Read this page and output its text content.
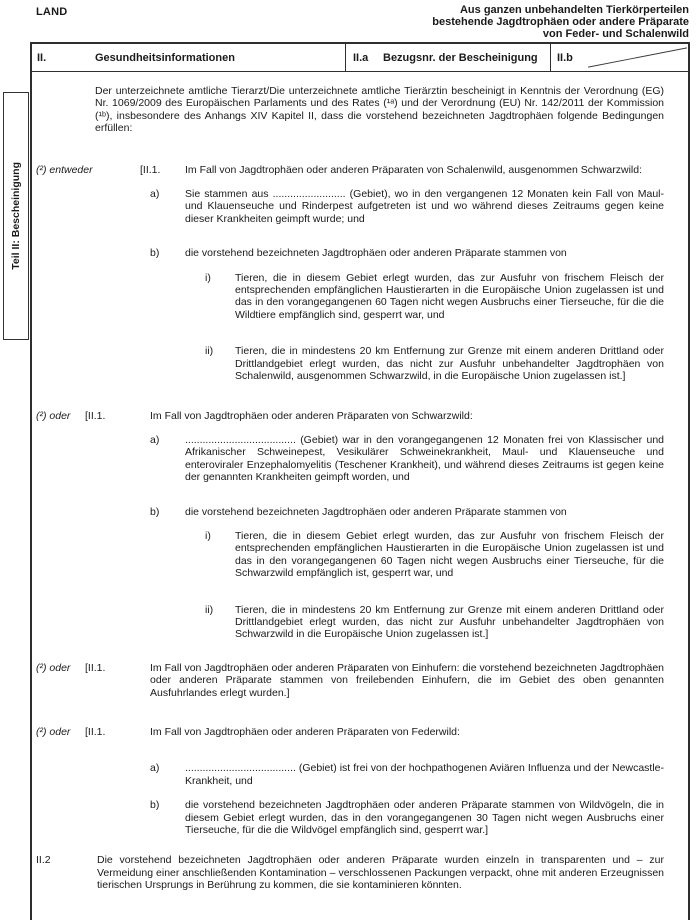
LAND	Aus ganzen unbehandelten Tierkörperteilen
bestehende Jagdtrophäen oder andere Präparate
von Feder- und Schalenwild
Teil II: Bescheinigung
II.	Gesundheitsinformationen	II.a	Bezugsnr. der Bescheinigung II.b

Der unterzeichnete amtliche Tierarzt/Die unterzeichnete amtliche Tierärztin bescheinigt in Kenntnis der Verordnung (EG) Nr. 1069/2009 des Europäischen Parlaments und des Rates (¹ᵃ) und der Verordnung (EU) Nr. 142/2011 der Kommission (¹ᵇ), insbesondere des Anhangs XIV Kapitel II, dass die vorstehend bezeichneten Jagdtrophäen folgende Bedingungen erfüllen:

(²) entweder	[II.1.	Im Fall von Jagdtrophäen oder anderen Präparaten von Schalenwild, ausgenommen Schwarzwild:
a)	Sie stammen aus ......................... (Gebiet), wo in den vergangenen 12 Monaten kein Fall von Maul- und Klauenseuche und Rinderpest aufgetreten ist und wo während dieses Zeitraums gegen keine dieser Krankheiten geimpft wurde; und
b)	die vorstehend bezeichneten Jagdtrophäen oder anderen Präparate stammen von
i)	Tieren, die in diesem Gebiet erlegt wurden, das zur Ausfuhr von frischem Fleisch der entsprechenden empfänglichen Haustierarten in die Europäische Union zugelassen ist und das in den vorangegangenen 60 Tagen nicht wegen Ausbruchs einer Tierseuche, für die die Wildtiere empfänglich sind, gesperrt war, und
ii)	Tieren, die in mindestens 20 km Entfernung zur Grenze mit einem anderen Drittland oder Drittlandgebiet erlegt wurden, das nicht zur Ausfuhr unbehandelter Jagdtrophäen von Schalenwild, ausgenommen Schwarzwild, in die Europäische Union zugelassen ist.]
(²) oder	[II.1.	Im Fall von Jagdtrophäen oder anderen Präparaten von Schwarzwild:
a)	...................................... (Gebiet) war in den vorangegangenen 12 Monaten frei von Klassischer und Afrikanischer Schweinepest, Vesikulärer Schweinekrankheit, Maul- und Klauenseuche und enteroviraler Enzephalomyelitis (Teschener Krankheit), und während dieses Zeitraums ist gegen keine der genannten Krankheiten geimpft worden, und
b)	die vorstehend bezeichneten Jagdtrophäen oder anderen Präparate stammen von
i)	Tieren, die in diesem Gebiet erlegt wurden, das zur Ausfuhr von frischem Fleisch der entsprechenden empfänglichen Haustierarten in die Europäische Union zugelassen ist und das in den vorangegangenen 60 Tagen nicht wegen Ausbruchs einer Tierseuche, für die Schwarzwild empfänglich ist, gesperrt war, und
ii)	Tieren, die in mindestens 20 km Entfernung zur Grenze mit einem anderen Drittland oder Drittlandgebiet erlegt wurden, das nicht zur Ausfuhr unbehandelter Jagdtrophäen von Schwarzwild in die Europäische Union zugelassen ist.]
(²) oder	[II.1.	Im Fall von Jagdtrophäen oder anderen Präparaten von Einhufern: die vorstehend bezeichneten Jagdtrophäen oder anderen Präparate stammen von freilebenden Einhufern, die im Gebiet des oben genannten Ausfuhrlandes erlegt wurden.]
(²) oder	[II.1.	Im Fall von Jagdtrophäen oder anderen Präparaten von Federwild:
a)	...................................... (Gebiet) ist frei von der hochpathogenen Aviären Influenza und der Newcastle-Krankheit, und
b)	die vorstehend bezeichneten Jagdtrophäen oder anderen Präparate stammen von Wildvögeln, die in diesem Gebiet erlegt wurden, das in den vorangegangenen 30 Tagen nicht wegen Ausbruchs einer Tierseuche, für die die Wildvögel empfänglich sind, gesperrt war.]
II.2	Die vorstehend bezeichneten Jagdtrophäen oder anderen Präparate wurden einzeln in transparenten und – zur Vermeidung einer anschließenden Kontamination – verschlossenen Packungen verpackt, ohne mit anderen Erzeugnissen tierischen Ursprungs in Berührung zu kommen, die sie kontaminieren könnten.
